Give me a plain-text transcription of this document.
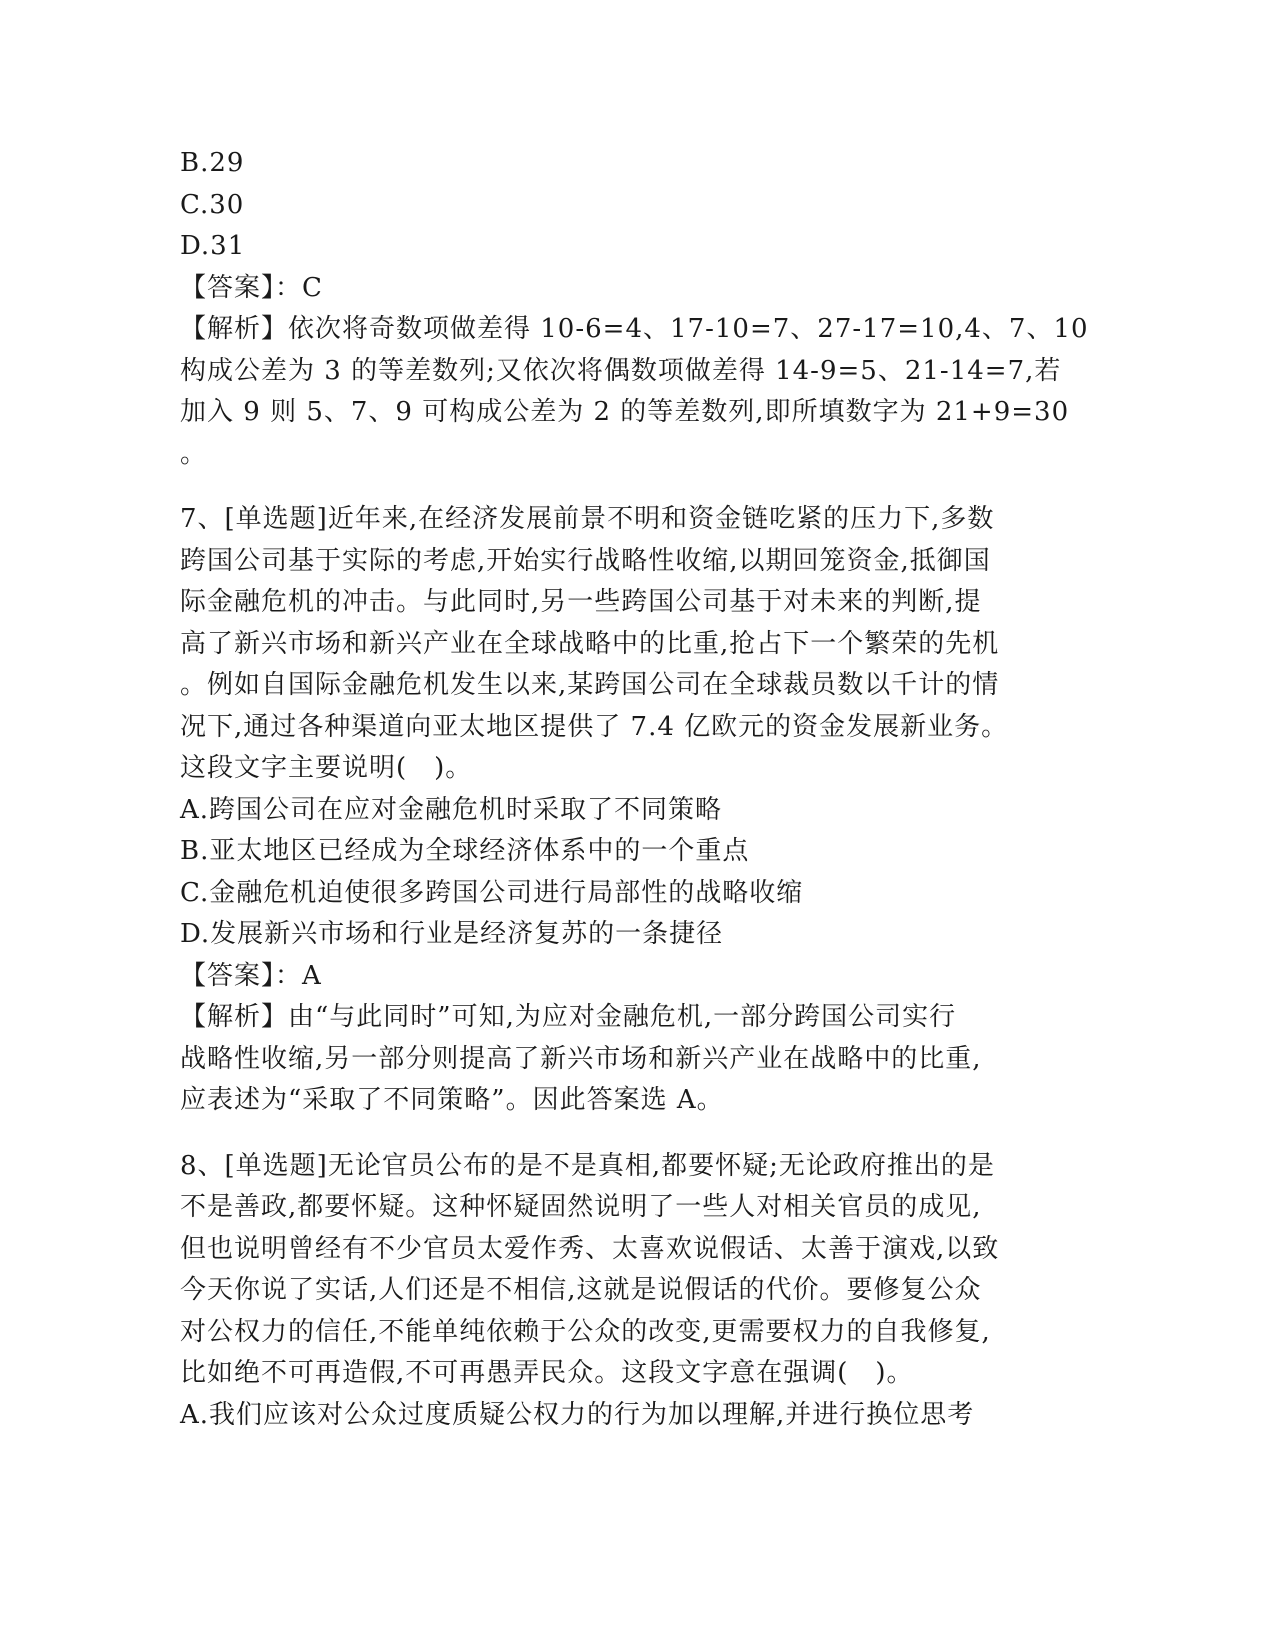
B.29
C.30
D.31
【答案】：C
【解析】依次将奇数项做差得 10-6=4、17-10=7、27-17=10,4、7、10
构成公差为 3 的等差数列;又依次将偶数项做差得 14-9=5、21-14=7,若
加入 9 则 5、7、9 可构成公差为 2 的等差数列,即所填数字为 21+9=30
。
7、[单选题]近年来,在经济发展前景不明和资金链吃紧的压力下,多数
跨国公司基于实际的考虑,开始实行战略性收缩,以期回笼资金,抵御国
际金融危机的冲击。与此同时,另一些跨国公司基于对未来的判断,提
高了新兴市场和新兴产业在全球战略中的比重,抢占下一个繁荣的先机
。例如自国际金融危机发生以来,某跨国公司在全球裁员数以千计的情
况下,通过各种渠道向亚太地区提供了 7.4 亿欧元的资金发展新业务。
这段文字主要说明(　)。
A.跨国公司在应对金融危机时采取了不同策略
B.亚太地区已经成为全球经济体系中的一个重点
C.金融危机迫使很多跨国公司进行局部性的战略收缩
D.发展新兴市场和行业是经济复苏的一条捷径
【答案】：A
【解析】由“与此同时”可知,为应对金融危机,一部分跨国公司实行
战略性收缩,另一部分则提高了新兴市场和新兴产业在战略中的比重,
应表述为“采取了不同策略”。因此答案选 A。
8、[单选题]无论官员公布的是不是真相,都要怀疑;无论政府推出的是
不是善政,都要怀疑。这种怀疑固然说明了一些人对相关官员的成见,
但也说明曾经有不少官员太爱作秀、太喜欢说假话、太善于演戏,以致
今天你说了实话,人们还是不相信,这就是说假话的代价。要修复公众
对公权力的信任,不能单纯依赖于公众的改变,更需要权力的自我修复,
比如绝不可再造假,不可再愚弄民众。这段文字意在强调(　)。
A.我们应该对公众过度质疑公权力的行为加以理解,并进行换位思考
